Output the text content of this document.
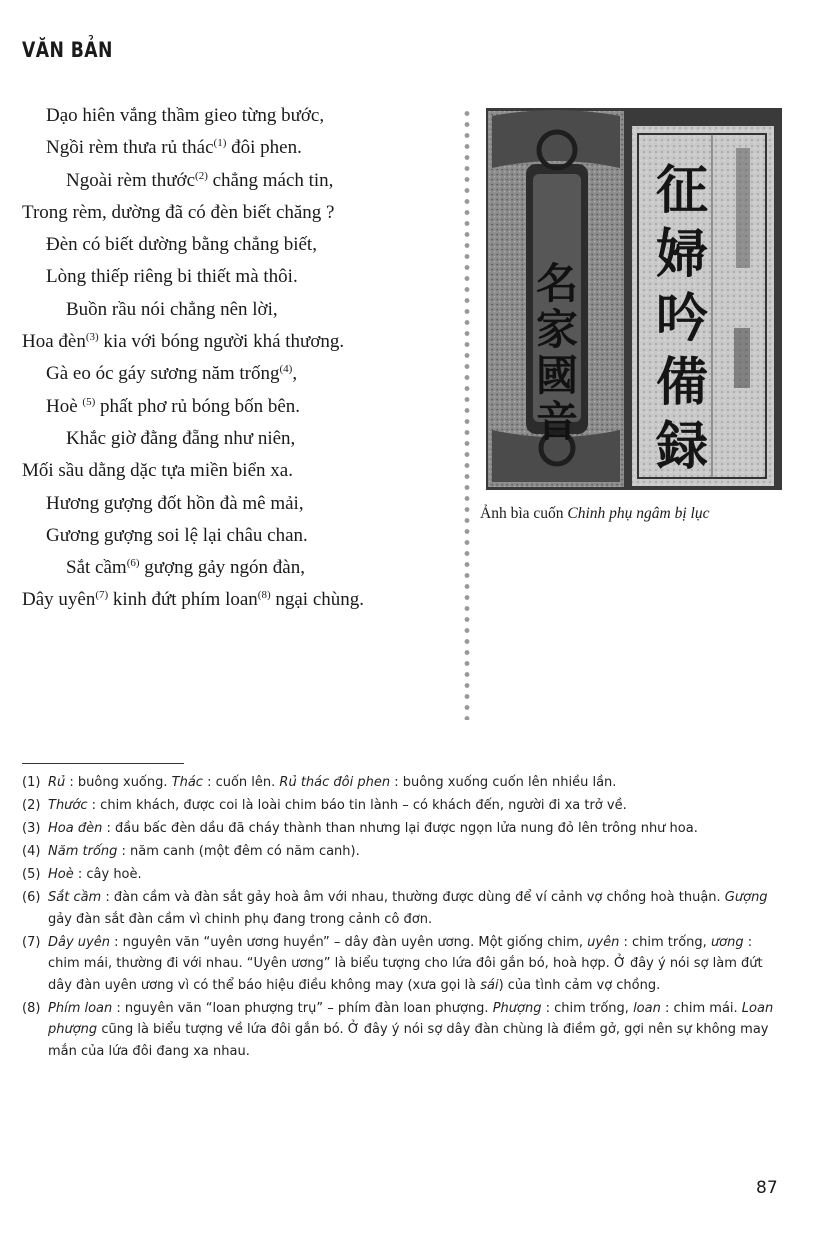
VĂN BẢN
Dạo hiên vắng thầm gieo từng bước,
Ngồi rèm thưa rủ thác$^{(1)}$ đôi phen.
Ngoài rèm thước$^{(2)}$ chẳng mách tin,
Trong rèm, dường đã có đèn biết chăng ?
Đèn có biết dường bằng chẳng biết,
Lòng thiếp riêng bi thiết mà thôi.
Buồn rầu nói chẳng nên lời,
Hoa đèn$^{(3)}$ kia với bóng người khá thương.
Gà eo óc gáy sương năm trống$^{(4)}$,
Hoè $^{(5)}$ phất phơ rủ bóng bốn bên.
Khắc giờ đằng đẵng như niên,
Mối sầu dằng dặc tựa miền biển xa.
Hương gượng đốt hồn đà mê mải,
Gương gượng soi lệ lại châu chan.
Sắt cầm$^{(6)}$ gượng gảy ngón đàn,
Dây uyên$^{(7)}$ kinh đứt phím loan$^{(8)}$ ngại chùng.
名
家
國
音
征
婦
吟
備
録
Ảnh bìa cuốn Chinh phụ ngâm bị lục
(1) Rủ : buông xuống. Thác : cuốn lên. Rủ thác đôi phen : buông xuống cuốn lên nhiều lần.
(2) Thước : chim khách, được coi là loài chim báo tin lành – có khách đến, người đi xa trở về.
(3) Hoa đèn : đầu bấc đèn dầu đã cháy thành than nhưng lại được ngọn lửa nung đỏ lên trông như hoa.
(4) Năm trống : năm canh (một đêm có năm canh).
(5) Hoè : cây hoè.
(6) Sắt cầm : đàn cầm và đàn sắt gảy hoà âm với nhau, thường được dùng để ví cảnh vợ chồng hoà thuận. Gượng gảy đàn sắt đàn cầm vì chinh phụ đang trong cảnh cô đơn.
(7) Dây uyên : nguyên văn “uyên ương huyền” – dây đàn uyên ương. Một giống chim, uyên : chim trống, ương : chim mái, thường đi với nhau. “Uyên ương” là biểu tượng cho lứa đôi gắn bó, hoà hợp. Ở đây ý nói sợ làm đứt dây đàn uyên ương vì có thể báo hiệu điều không may (xưa gọi là sái) của tình cảm vợ chồng.
(8) Phím loan : nguyên văn “loan phượng trụ” – phím đàn loan phượng. Phượng : chim trống, loan : chim mái. Loan phượng cũng là biểu tượng về lứa đôi gắn bó. Ở đây ý nói sợ dây đàn chùng là điềm gở, gợi nên sự không may mắn của lứa đôi đang xa nhau.
87
